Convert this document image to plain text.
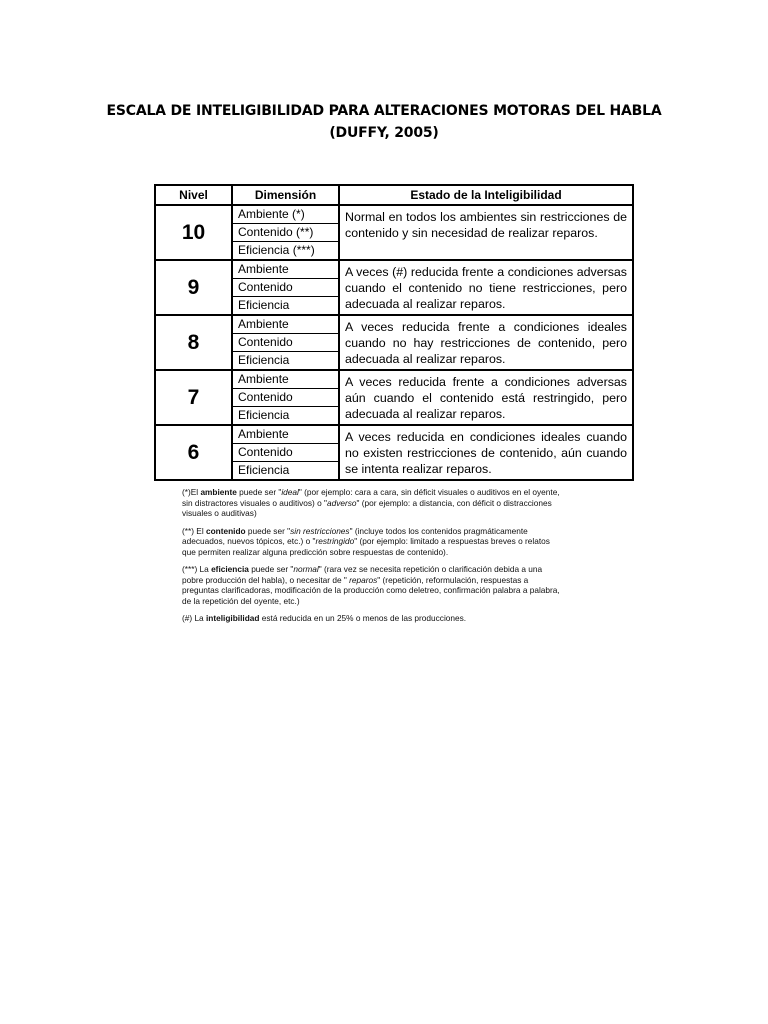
ESCALA DE INTELIGIBILIDAD PARA ALTERACIONES MOTORAS DEL HABLA
(DUFFY, 2005)
Nivel	Dimensión	Estado de la Inteligibilidad
10	Ambiente (*)	Normal en todos los ambientes sin restricciones de contenido y sin necesidad de realizar reparos.
	Contenido (**)	
	Eficiencia (***)	
9	Ambiente	A veces (#) reducida frente a condiciones adversas cuando el contenido no tiene restricciones, pero adecuada al realizar reparos.
	Contenido	
	Eficiencia	
8	Ambiente	A veces reducida frente a condiciones ideales cuando no hay restricciones de contenido, pero adecuada al realizar reparos.
	Contenido	
	Eficiencia	
7	Ambiente	A veces reducida frente a condiciones adversas aún cuando el contenido está restringido, pero adecuada al realizar reparos.
	Contenido	
	Eficiencia	
6	Ambiente	A veces reducida en condiciones ideales cuando no existen restricciones de contenido, aún cuando se intenta realizar reparos.
	Contenido	
	Eficiencia	

(*)El ambiente puede ser "ideal" (por ejemplo: cara a cara, sin déficit visuales o auditivos en el oyente, sin distractores visuales o auditivos) o "adverso" (por ejemplo: a distancia, con déficit o distracciones visuales o auditivas)

(**) El contenido puede ser "sin restricciones" (incluye todos los contenidos pragmáticamente adecuados, nuevos tópicos, etc.) o "restringido" (por ejemplo: limitado a respuestas breves o relatos que permiten realizar alguna predicción sobre respuestas de contenido).

(***) La eficiencia puede ser "normal" (rara vez se necesita repetición o clarificación debida a una pobre producción del habla), o necesitar de " reparos" (repetición, reformulación, respuestas a preguntas clarificadoras, modificación de la producción como deletreo, confirmación palabra a palabra, de la repetición del oyente, etc.)

(#) La inteligibilidad está reducida en un 25% o menos de las producciones.
